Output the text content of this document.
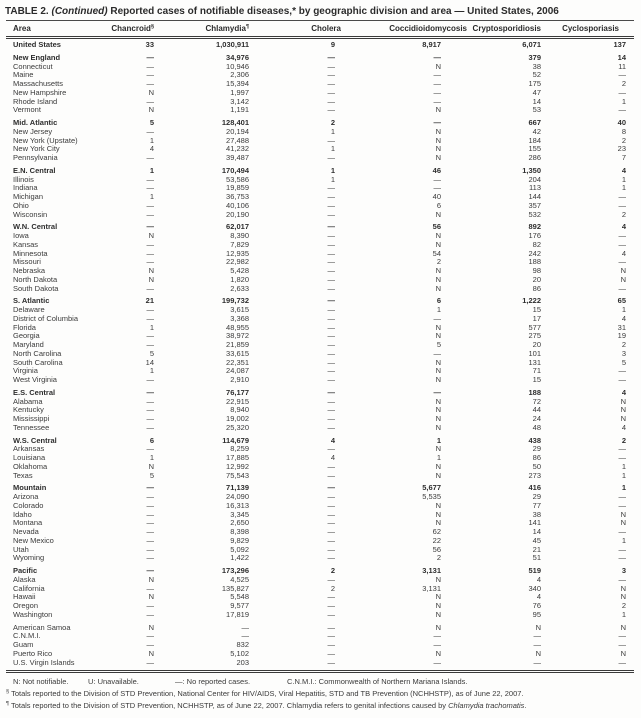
TABLE 2. (Continued) Reported cases of notifiable diseases,* by geographic division and area — United States, 2006
Area	Chancroid§	Chlamydia¶	Cholera	Coccidioidomycosis	Cryptosporidiosis	Cyclosporiasis
United States	33	1,030,911	9	8,917	6,071	137

New England	—	34,976	—	—	379	14
Connecticut	—	10,946	—	N	38	11
Maine	—	2,306	—	—	52	—
Massachusetts	—	15,394	—	—	175	2
New Hampshire	N	1,997	—	—	47	—
Rhode Island	—	3,142	—	—	14	1
Vermont	N	1,191	—	N	53	—

Mid. Atlantic	5	128,401	2	—	667	40
New Jersey	—	20,194	1	N	42	8
New York (Upstate)	1	27,488	—	N	184	2
New York City	4	41,232	1	N	155	23
Pennsylvania	—	39,487	—	N	286	7

E.N. Central	1	170,494	1	46	1,350	4
Illinois	—	53,586	1	—	204	1
Indiana	—	19,859	—	—	113	1
Michigan	1	36,753	—	40	144	—
Ohio	—	40,106	—	6	357	—
Wisconsin	—	20,190	—	N	532	2

W.N. Central	—	62,017	—	56	892	4
Iowa	N	8,390	—	N	176	—
Kansas	—	7,829	—	N	82	—
Minnesota	—	12,935	—	54	242	4
Missouri	—	22,982	—	2	188	—
Nebraska	N	5,428	—	N	98	N
North Dakota	N	1,820	—	N	20	N
South Dakota	—	2,633	—	N	86	—

S. Atlantic	21	199,732	—	6	1,222	65
Delaware	—	3,615	—	1	15	1
District of Columbia	—	3,368	—	—	17	4
Florida	1	48,955	—	N	577	31
Georgia	—	38,972	—	N	275	19
Maryland	—	21,859	—	5	20	2
North Carolina	5	33,615	—	—	101	3
South Carolina	14	22,351	—	N	131	5
Virginia	1	24,087	—	N	71	—
West Virginia	—	2,910	—	N	15	—

E.S. Central	—	76,177	—	—	188	4
Alabama	—	22,915	—	N	72	N
Kentucky	—	8,940	—	N	44	N
Mississippi	—	19,002	—	N	24	N
Tennessee	—	25,320	—	N	48	4

W.S. Central	6	114,679	4	1	438	2
Arkansas	—	8,259	—	N	29	—
Louisiana	1	17,885	4	1	86	—
Oklahoma	N	12,992	—	N	50	1
Texas	5	75,543	—	N	273	1

Mountain	—	71,139	—	5,677	416	1
Arizona	—	24,090	—	5,535	29	—
Colorado	—	16,313	—	N	77	—
Idaho	—	3,345	—	N	38	N
Montana	—	2,650	—	N	141	N
Nevada	—	8,398	—	62	14	—
New Mexico	—	9,829	—	22	45	1
Utah	—	5,092	—	56	21	—
Wyoming	—	1,422	—	2	51	—

Pacific	—	173,296	2	3,131	519	3
Alaska	N	4,525	—	N	4	—
California	—	135,827	2	3,131	340	N
Hawaii	N	5,548	—	N	4	N
Oregon	—	9,577	—	N	76	2
Washington	—	17,819	—	N	95	1

American Samoa	N	—	—	N	N	N
C.N.M.I.	—	—	—	—	—	—
Guam	—	832	—	—	—	—
Puerto Rico	N	5,102	—	N	N	N
U.S. Virgin Islands	—	203	—	—	—	—
N: Not notifiable.	U: Unavailable.	—: No reported cases.	C.N.M.I.: Commonwealth of Northern Mariana Islands.
§ Totals reported to the Division of STD Prevention, National Center for HIV/AIDS, Viral Hepatitis, STD and TB Prevention (NCHHSTP), as of June 22, 2007.
¶ Totals reported to the Division of STD Prevention, NCHHSTP, as of June 22, 2007. Chlamydia refers to genital infections caused by Chlamydia trachomatis.
